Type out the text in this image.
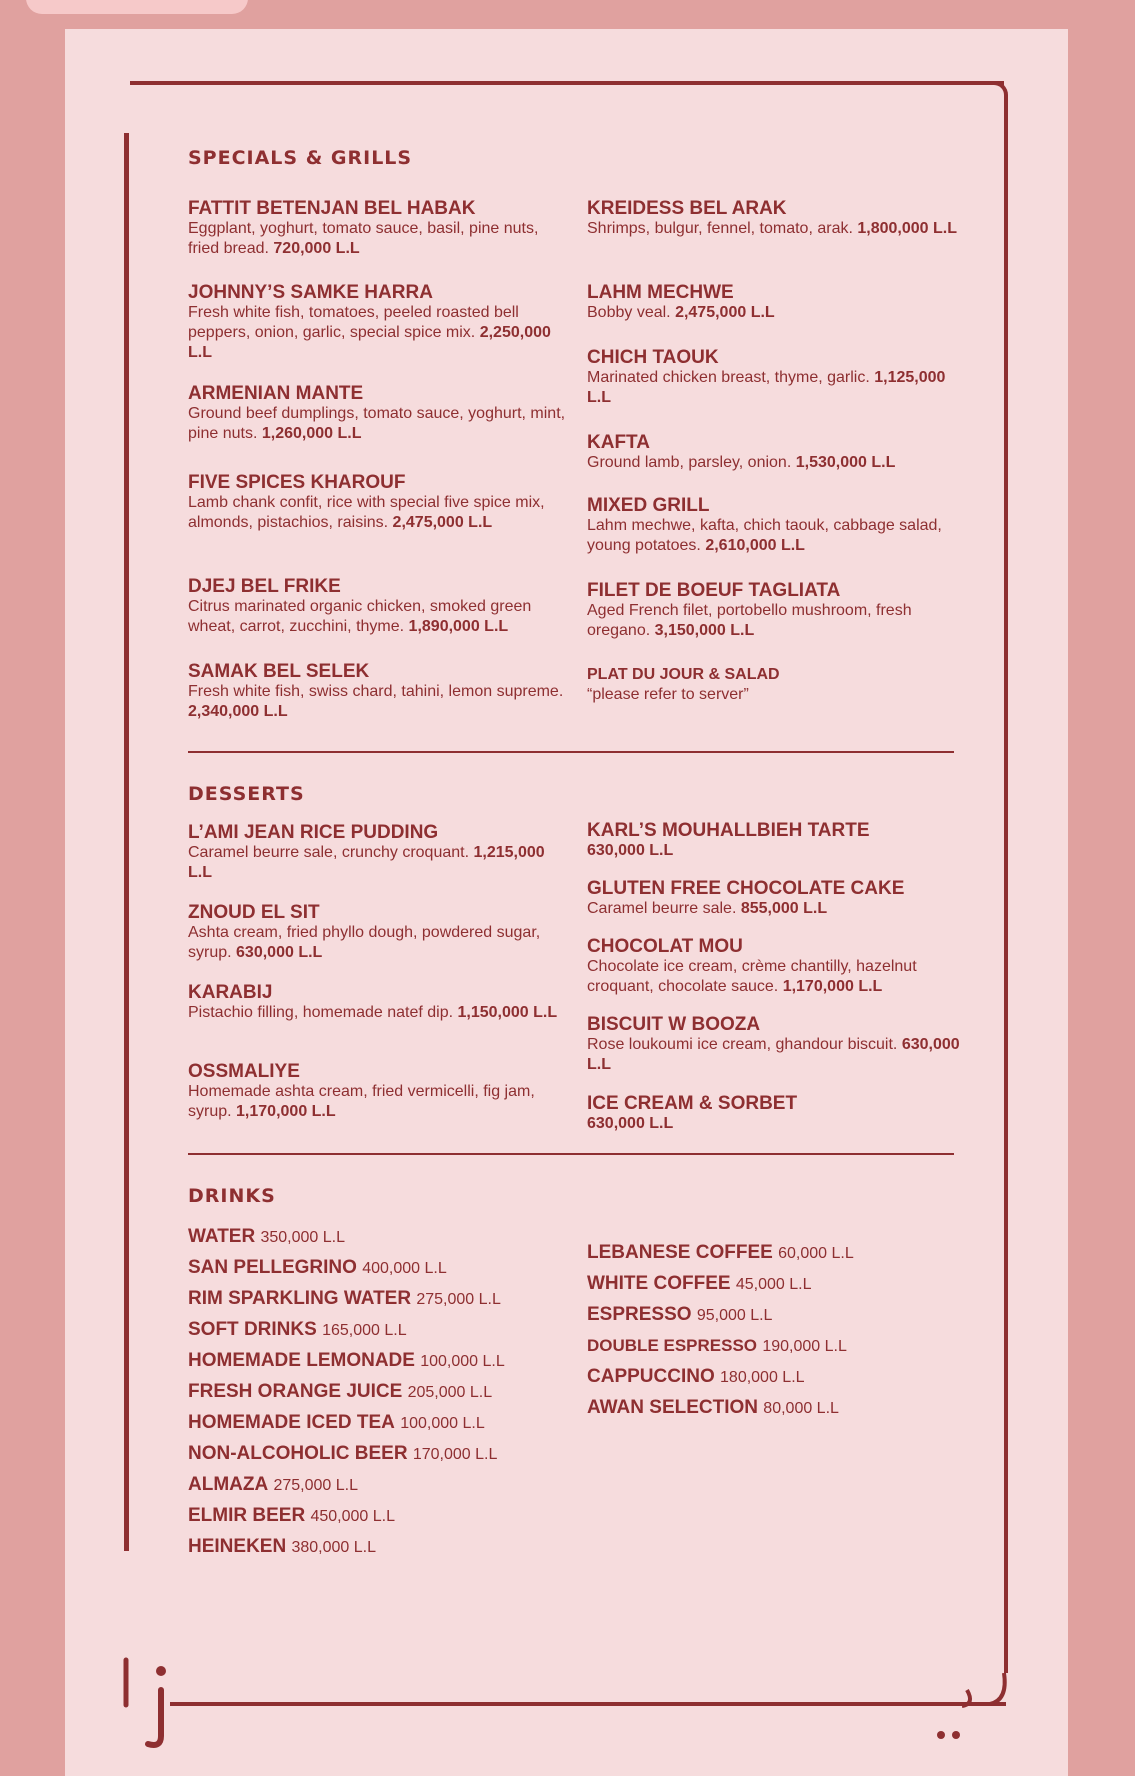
SPECIALS & GRILLS
FATTIT BETENJAN BEL HABAK
Eggplant, yoghurt, tomato sauce, basil, pine nuts, fried bread. 720,000 L.L
JOHNNY’S SAMKE HARRA
Fresh white fish, tomatoes, peeled roasted bell peppers, onion, garlic, special spice mix. 2,250,000 L.L
ARMENIAN MANTE
Ground beef dumplings, tomato sauce, yoghurt, mint, pine nuts. 1,260,000 L.L
FIVE SPICES KHAROUF
Lamb chank confit, rice with special five spice mix, almonds, pistachios, raisins. 2,475,000 L.L
DJEJ BEL FRIKE
Citrus marinated organic chicken, smoked green wheat, carrot, zucchini, thyme. 1,890,000 L.L
SAMAK BEL SELEK
Fresh white fish, swiss chard, tahini, lemon supreme. 2,340,000 L.L
KREIDESS BEL ARAK
Shrimps, bulgur, fennel, tomato, arak. 1,800,000 L.L
LAHM MECHWE
Bobby veal. 2,475,000 L.L
CHICH TAOUK
Marinated chicken breast, thyme, garlic. 1,125,000 L.L
KAFTA
Ground lamb, parsley, onion. 1,530,000 L.L
MIXED GRILL
Lahm mechwe, kafta, chich taouk, cabbage salad, young potatoes. 2,610,000 L.L
FILET DE BOEUF TAGLIATA
Aged French filet, portobello mushroom, fresh oregano. 3,150,000 L.L
PLAT DU JOUR & SALAD
“please refer to server”
DESSERTS
L’AMI JEAN RICE PUDDING
Caramel beurre sale, crunchy croquant. 1,215,000 L.L
ZNOUD EL SIT
Ashta cream, fried phyllo dough, powdered sugar, syrup. 630,000 L.L
KARABIJ
Pistachio filling, homemade natef dip. 1,150,000 L.L
OSSMALIYE
Homemade ashta cream, fried vermicelli, fig jam, syrup. 1,170,000 L.L
KARL’S MOUHALLBIEH TARTE
630,000 L.L
GLUTEN FREE CHOCOLATE CAKE
Caramel beurre sale. 855,000 L.L
CHOCOLAT MOU
Chocolate ice cream, crème chantilly, hazelnut croquant, chocolate sauce. 1,170,000 L.L
BISCUIT W BOOZA
Rose loukoumi ice cream, ghandour biscuit. 630,000 L.L
ICE CREAM & SORBET
630,000 L.L
DRINKS
WATER 350,000 L.L
SAN PELLEGRINO 400,000 L.L
RIM SPARKLING WATER 275,000 L.L
SOFT DRINKS 165,000 L.L
HOMEMADE LEMONADE 100,000 L.L
FRESH ORANGE JUICE 205,000 L.L
HOMEMADE ICED TEA 100,000 L.L
NON-ALCOHOLIC BEER 170,000 L.L
ALMAZA 275,000 L.L
ELMIR BEER 450,000 L.L
HEINEKEN 380,000 L.L
LEBANESE COFFEE 60,000 L.L
WHITE COFFEE 45,000 L.L
ESPRESSO 95,000 L.L
DOUBLE ESPRESSO 190,000 L.L
CAPPUCCINO 180,000 L.L
AWAN SELECTION 80,000 L.L
